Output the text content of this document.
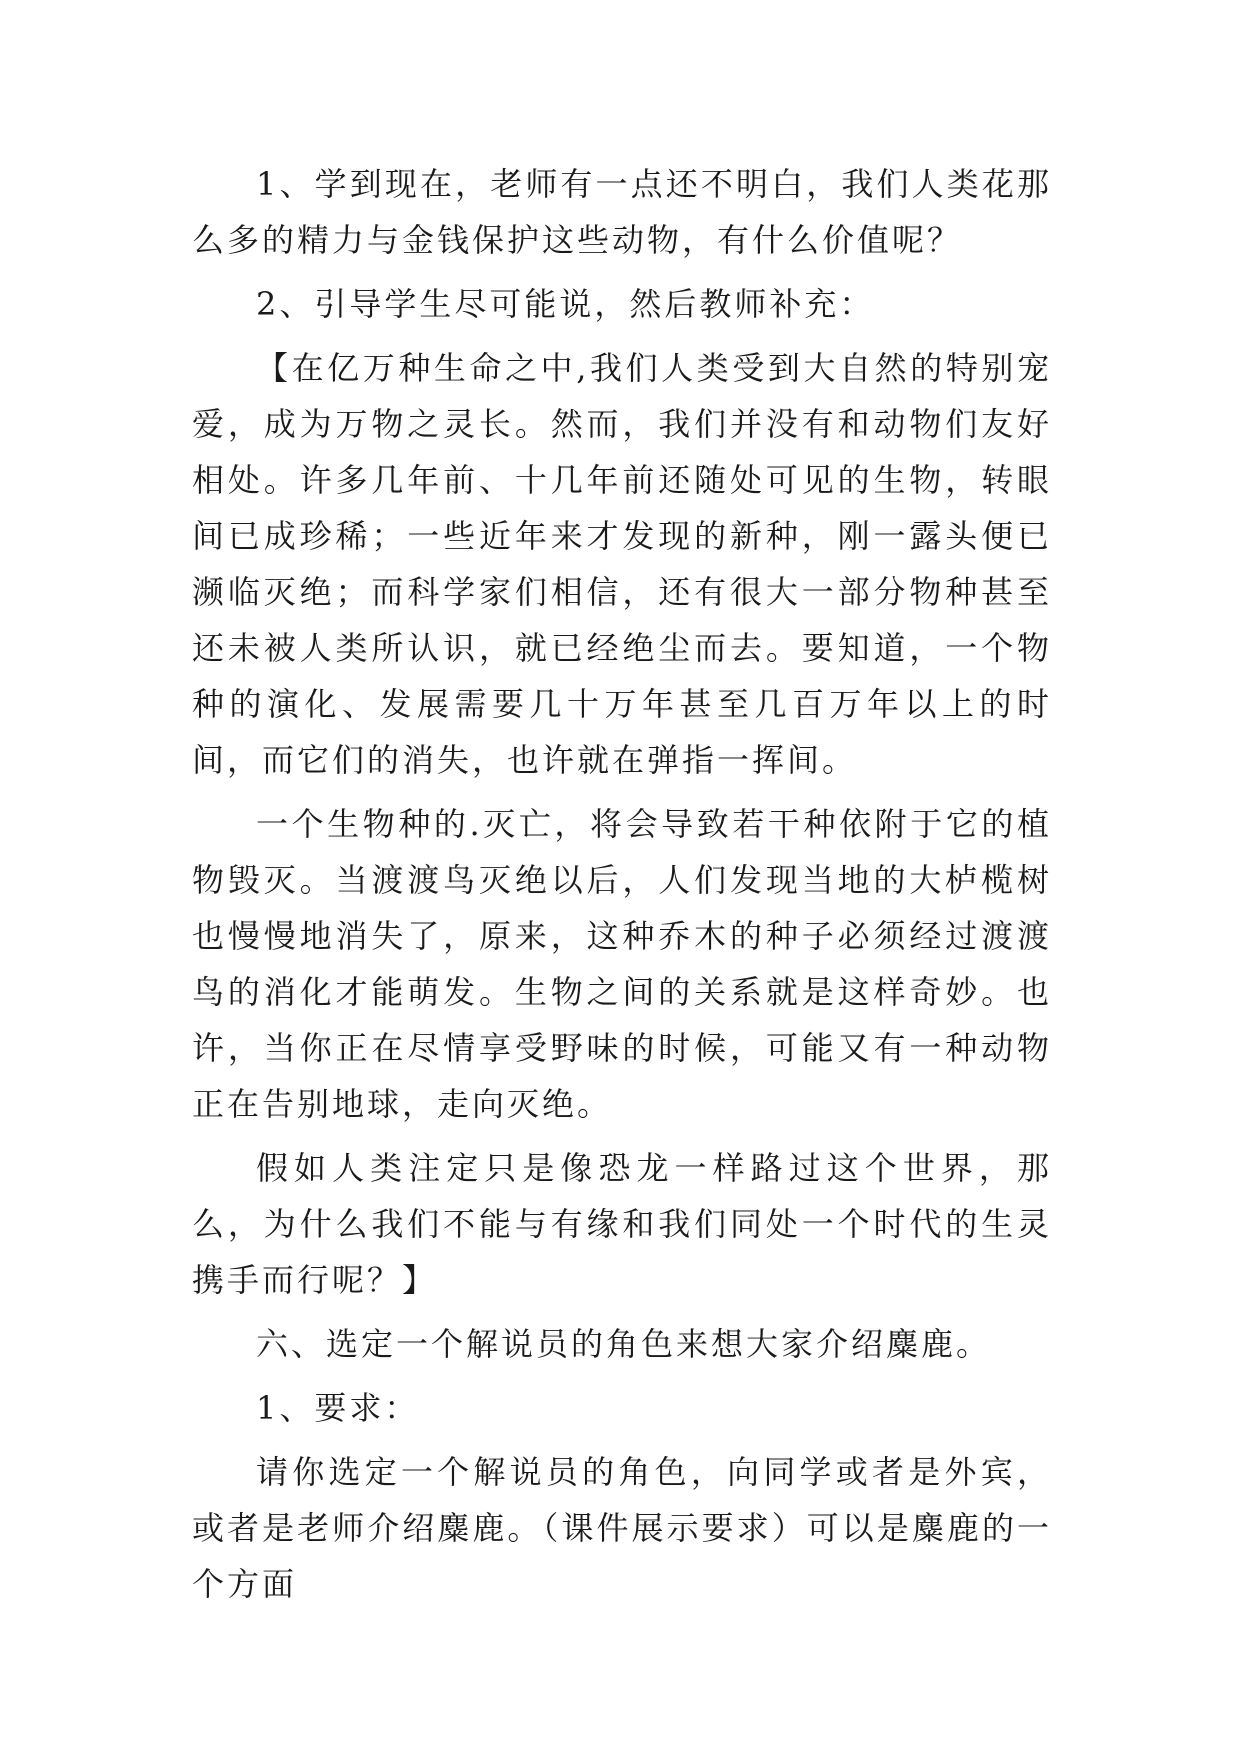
1、学到现在，老师有一点还不明白，我们人类花那么多的精力与金钱保护这些动物，有什么价值呢？

2、引导学生尽可能说，然后教师补充：

【在亿万种生命之中,我们人类受到大自然的特别宠爱，成为万物之灵长。然而，我们并没有和动物们友好相处。许多几年前、十几年前还随处可见的生物，转眼间已成珍稀；一些近年来才发现的新种，刚一露头便已濒临灭绝；而科学家们相信，还有很大一部分物种甚至还未被人类所认识，就已经绝尘而去。要知道，一个物种的演化、发展需要几十万年甚至几百万年以上的时间，而它们的消失，也许就在弹指一挥间。

一个生物种的.灭亡，将会导致若干种依附于它的植物毁灭。当渡渡鸟灭绝以后，人们发现当地的大栌榄树也慢慢地消失了，原来，这种乔木的种子必须经过渡渡鸟的消化才能萌发。生物之间的关系就是这样奇妙。也许，当你正在尽情享受野味的时候，可能又有一种动物正在告别地球，走向灭绝。

假如人类注定只是像恐龙一样路过这个世界，那么，为什么我们不能与有缘和我们同处一个时代的生灵携手而行呢？】

六、选定一个解说员的角色来想大家介绍麋鹿。

1、要求：

请你选定一个解说员的角色，向同学或者是外宾，或者是老师介绍麋鹿。（课件展示要求）可以是麋鹿的一个方面
